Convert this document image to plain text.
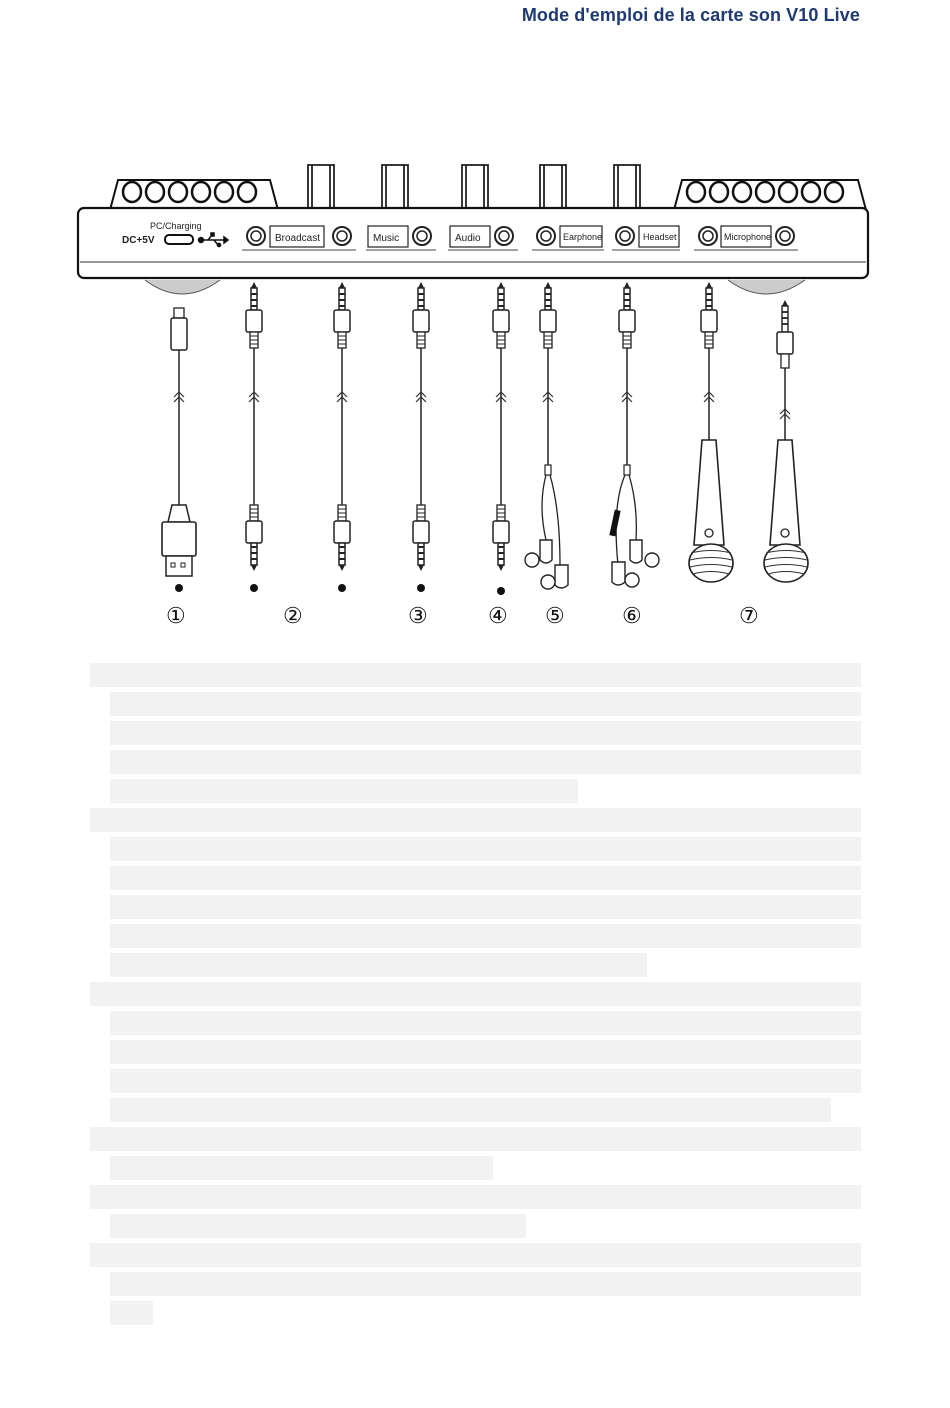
Mode d'emploi de la carte son V10 Live
PC/Charging
DC+5V	Broadcast	Music	Audio	Earphone	Headset	Microphone
①	②	③	④ ⑤	⑥	⑦
